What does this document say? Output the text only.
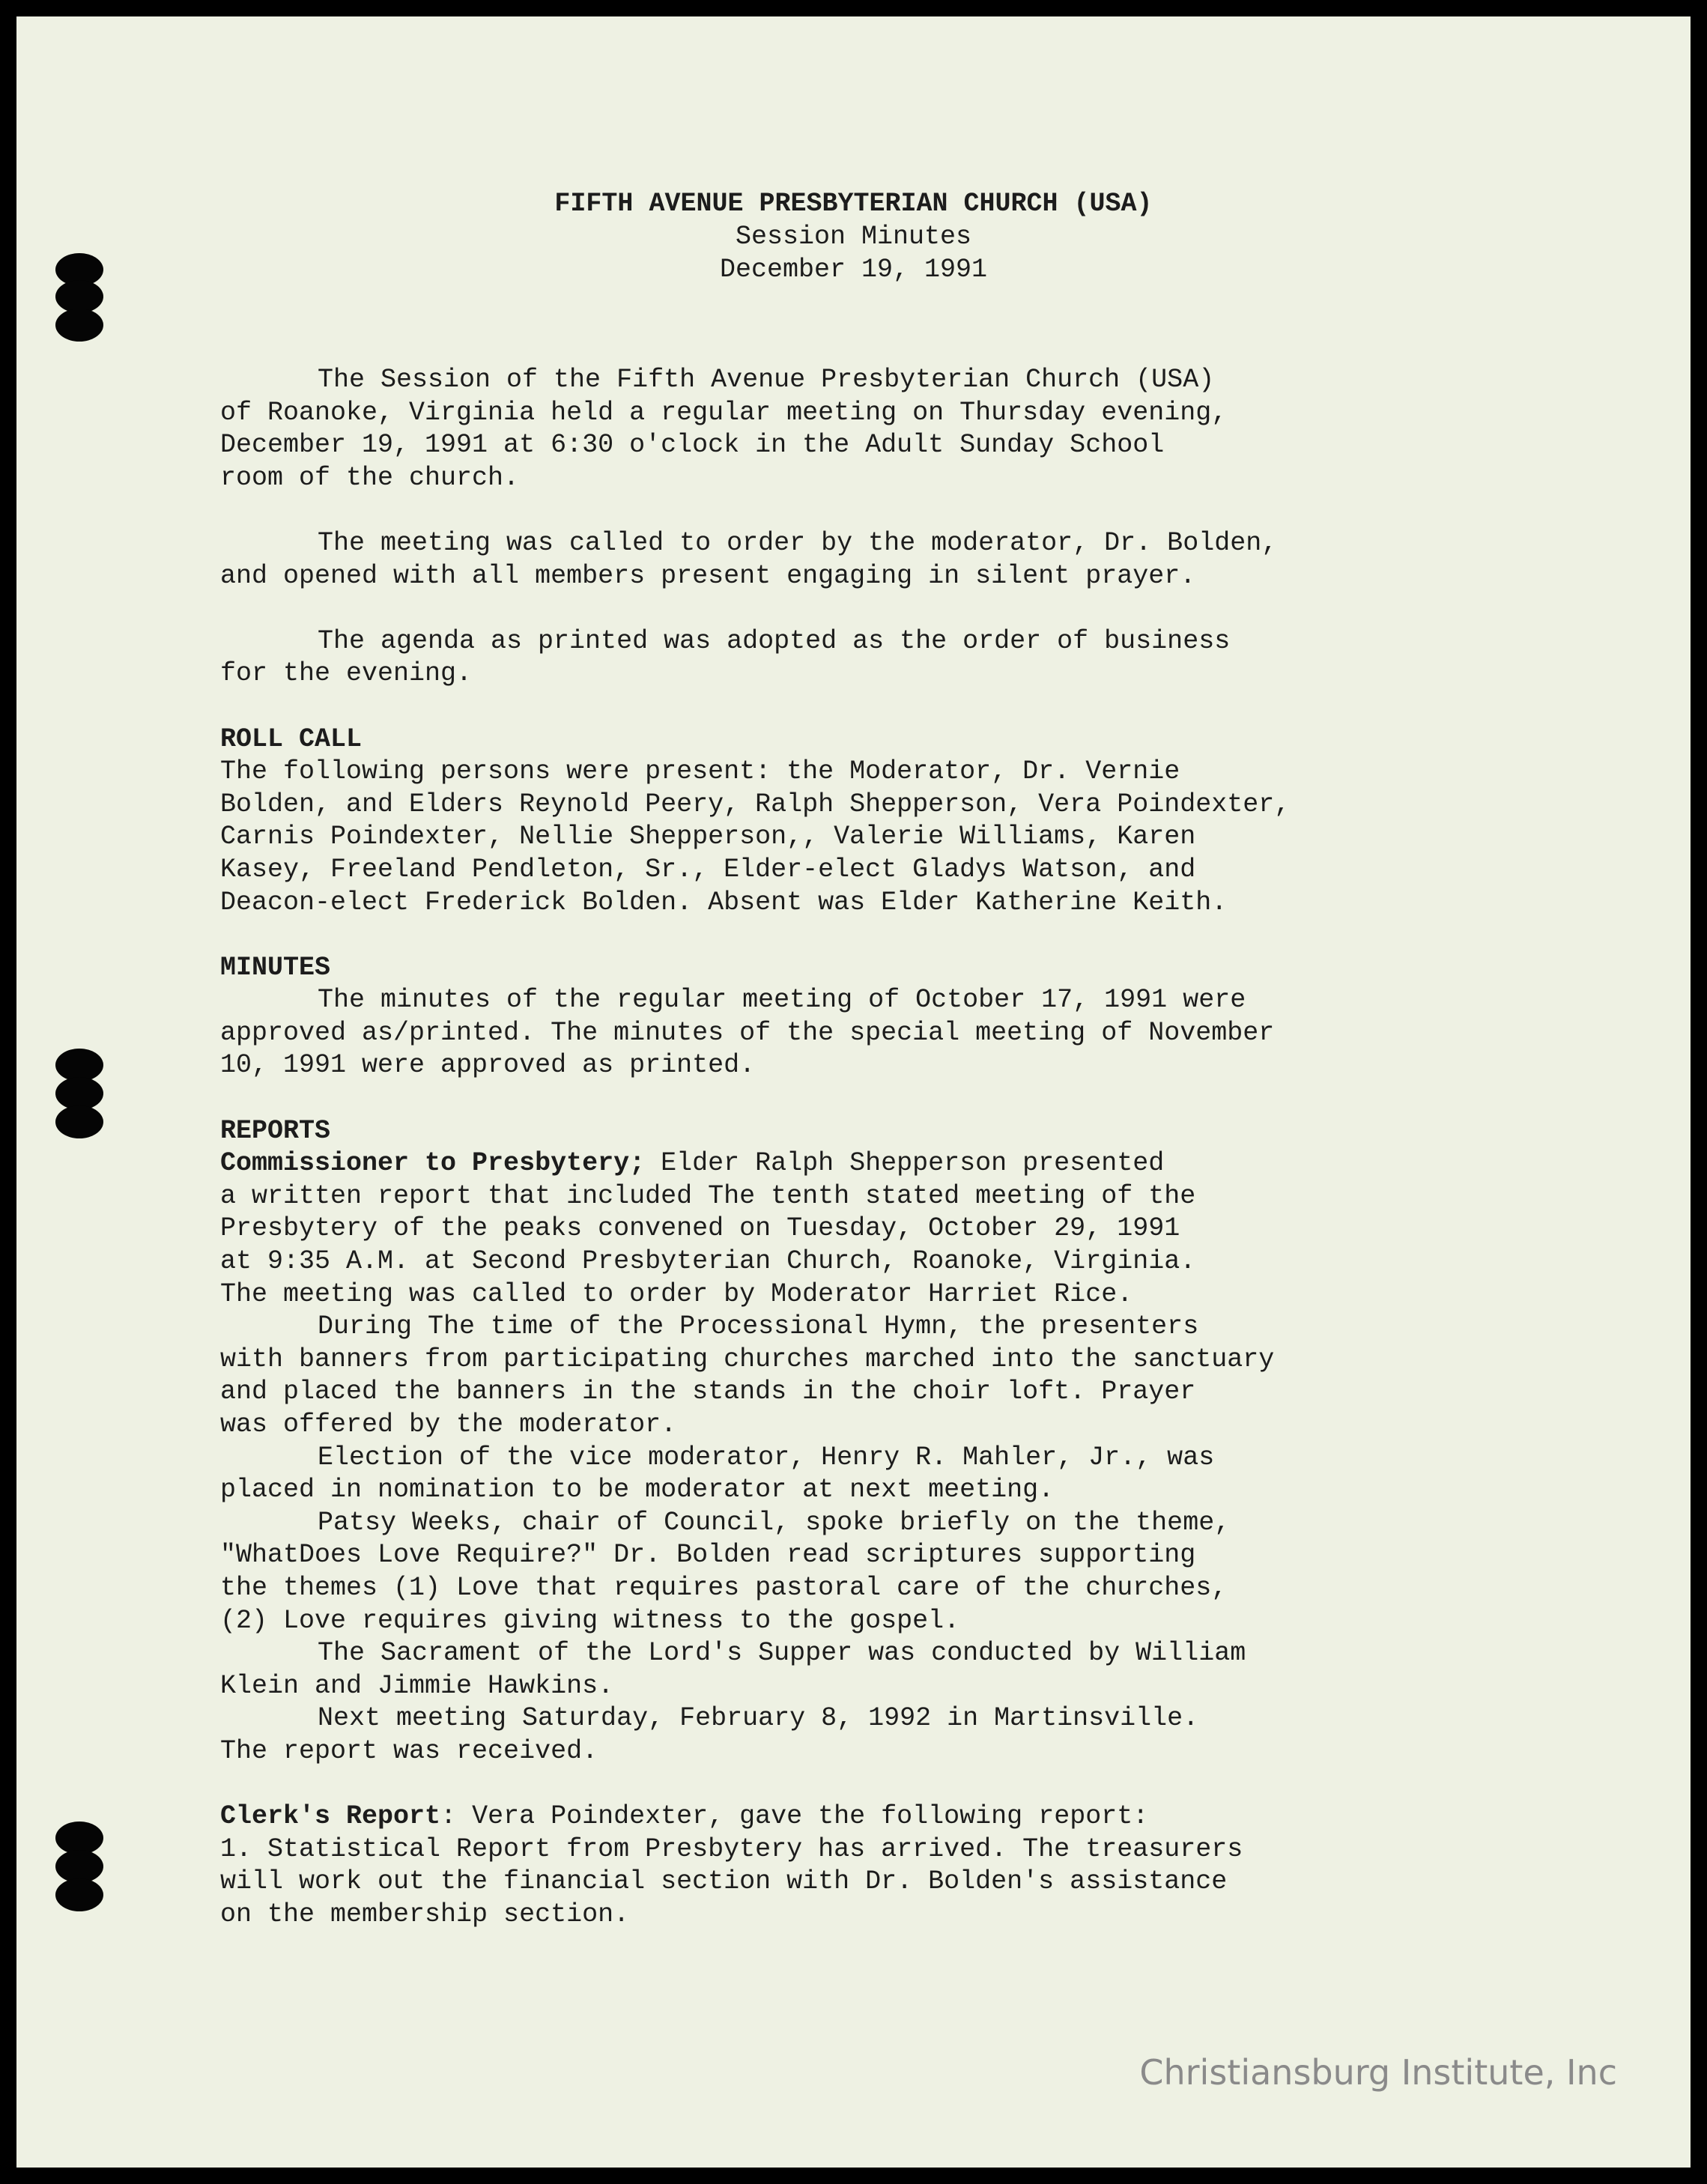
FIFTH AVENUE PRESBYTERIAN CHURCH (USA)
Session Minutes
December 19, 1991
The Session of the Fifth Avenue Presbyterian Church (USA)
of Roanoke, Virginia held a regular meeting on Thursday evening,
December 19, 1991 at 6:30 o'clock in the Adult Sunday School
room of the church.
The meeting was called to order by the moderator, Dr. Bolden,
and opened with all members present engaging in silent prayer.
The agenda as printed was adopted as the order of business
for the evening.
ROLL CALL
The following persons were present: the Moderator, Dr. Vernie
Bolden, and Elders Reynold Peery, Ralph Shepperson, Vera Poindexter,
Carnis Poindexter, Nellie Shepperson,, Valerie Williams, Karen
Kasey, Freeland Pendleton, Sr., Elder-elect Gladys Watson, and
Deacon-elect Frederick Bolden. Absent was Elder Katherine Keith.
MINUTES
The minutes of the regular meeting of October 17, 1991 were
approved as/printed. The minutes of the special meeting of November
10, 1991 were approved as printed.
REPORTS
Commissioner to Presbytery; Elder Ralph Shepperson presented
a written report that included The tenth stated meeting of the
Presbytery of the peaks convened on Tuesday, October 29, 1991
at 9:35 A.M. at Second Presbyterian Church, Roanoke, Virginia.
The meeting was called to order by Moderator Harriet Rice.
During The time of the Processional Hymn, the presenters
with banners from participating churches marched into the sanctuary
and placed the banners in the stands in the choir loft. Prayer
was offered by the moderator.
Election of the vice moderator, Henry R. Mahler, Jr., was
placed in nomination to be moderator at next meeting.
Patsy Weeks, chair of Council, spoke briefly on the theme,
"WhatDoes Love Require?" Dr. Bolden read scriptures supporting
the themes (1) Love that requires pastoral care of the churches,
(2) Love requires giving witness to the gospel.
The Sacrament of the Lord's Supper was conducted by William
Klein and Jimmie Hawkins.
Next meeting Saturday, February 8, 1992 in Martinsville.
The report was received.
Clerk's Report: Vera Poindexter, gave the following report:
1. Statistical Report from Presbytery has arrived. The treasurers
will work out the financial section with Dr. Bolden's assistance
on the membership section.
Christiansburg Institute, Inc
